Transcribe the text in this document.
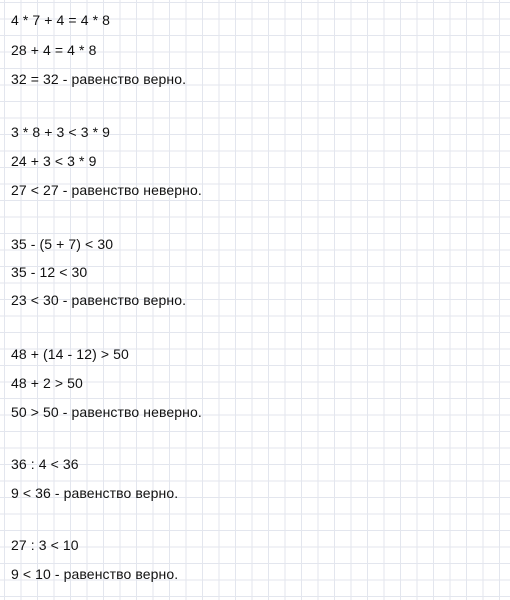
4 * 7 + 4 = 4 * 8
28 + 4 = 4 * 8
32 = 32 - равенство верно.
3 * 8 + 3 < 3 * 9
24 + 3 < 3 * 9
27 < 27 - равенство неверно.
35 - (5 + 7) < 30
35 - 12 < 30
23 < 30 - равенство верно.
48 + (14 - 12) > 50
48 + 2 > 50
50 > 50 - равенство неверно.
36 : 4 < 36
9 < 36 - равенство верно.
27 : 3 < 10
9 < 10 - равенство верно.
